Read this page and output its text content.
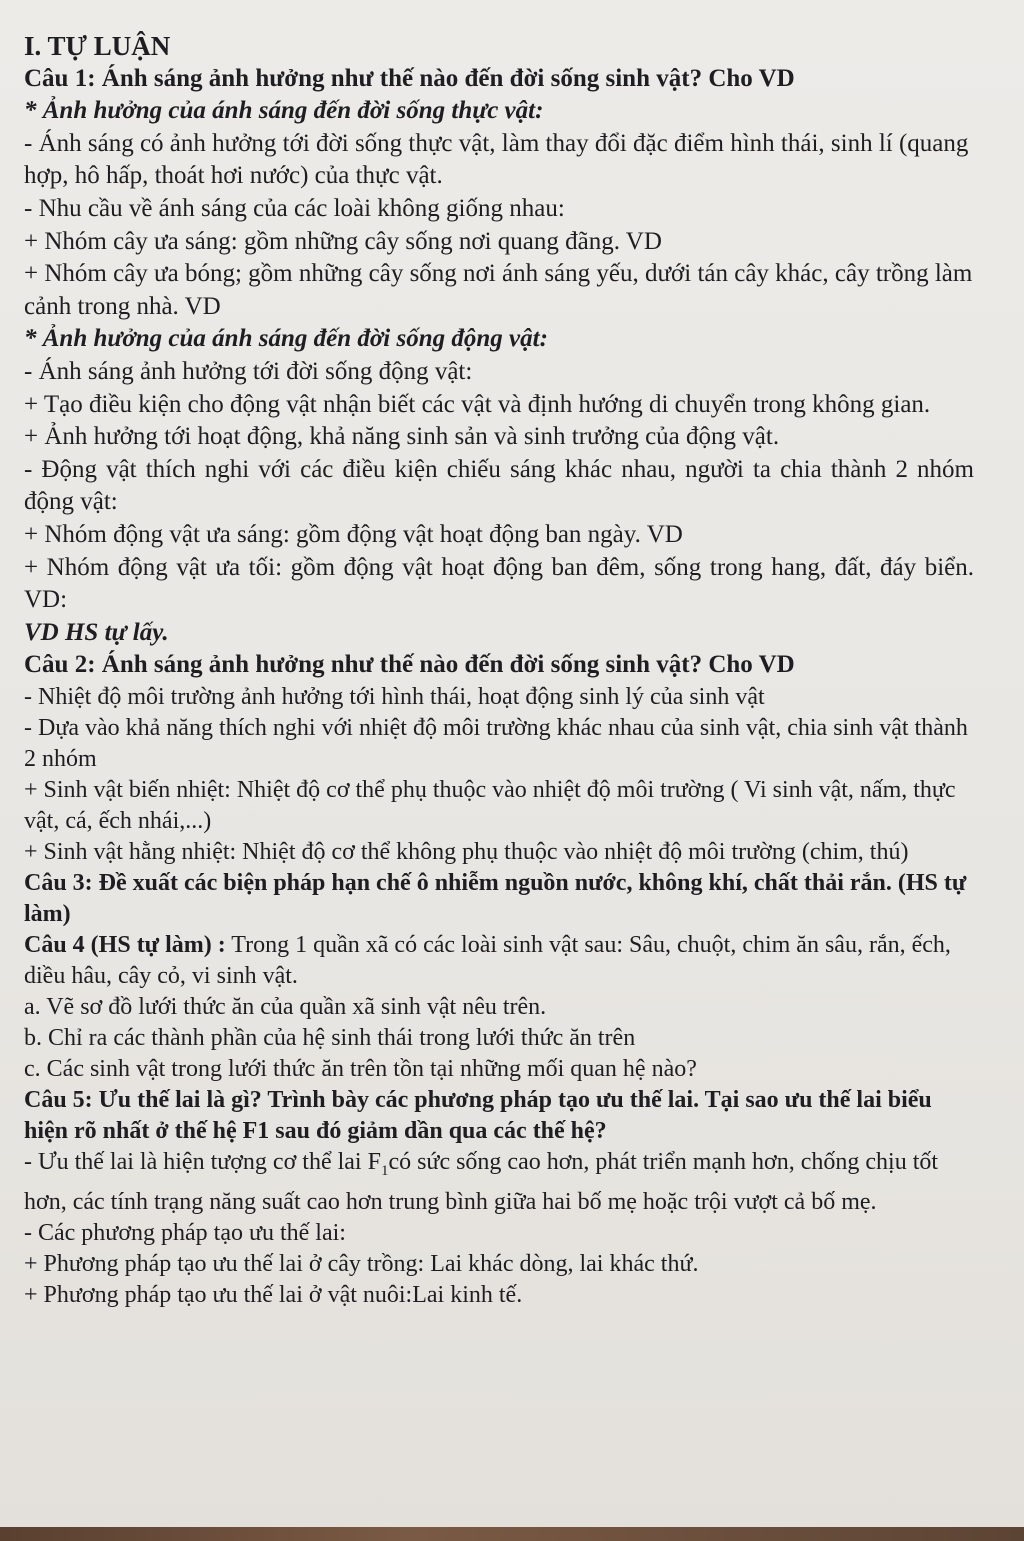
I. TỰ LUẬN

Câu 1: Ánh sáng ảnh hưởng như thế nào đến đời sống sinh vật? Cho VD

* Ảnh hưởng của ánh sáng đến đời sống thực vật:

- Ánh sáng có ảnh hưởng tới đời sống thực vật, làm thay đổi đặc điểm hình thái, sinh lí (quang hợp, hô hấp, thoát hơi nước) của thực vật.

- Nhu cầu về ánh sáng của các loài không giống nhau:

+ Nhóm cây ưa sáng: gồm những cây sống nơi quang đãng. VD

+ Nhóm cây ưa bóng; gồm những cây sống nơi ánh sáng yếu, dưới tán cây khác, cây trồng làm cảnh trong nhà. VD

* Ảnh hưởng của ánh sáng đến đời sống động vật:

- Ánh sáng ảnh hưởng tới đời sống động vật:

+ Tạo điều kiện cho động vật nhận biết các vật và định hướng di chuyển trong không gian.

+ Ảnh hưởng tới hoạt động, khả năng sinh sản và sinh trưởng của động vật.

- Động vật thích nghi với các điều kiện chiếu sáng khác nhau, người ta chia thành 2 nhóm động vật:

+ Nhóm động vật ưa sáng: gồm động vật hoạt động ban ngày. VD

+ Nhóm động vật ưa tối: gồm động vật hoạt động ban đêm, sống trong hang, đất, đáy biển. VD:

VD HS tự lấy.

Câu 2: Ánh sáng ảnh hưởng như thế nào đến đời sống sinh vật? Cho VD

- Nhiệt độ môi trường ảnh hưởng tới hình thái, hoạt động sinh lý của sinh vật

- Dựa vào khả năng thích nghi với nhiệt độ môi trường khác nhau của sinh vật, chia sinh vật thành 2 nhóm

+ Sinh vật biến nhiệt: Nhiệt độ cơ thể phụ thuộc vào nhiệt độ môi trường ( Vi sinh vật, nấm, thực vật, cá, ếch nhái,...)

+ Sinh vật hằng nhiệt: Nhiệt độ cơ thể không phụ thuộc vào nhiệt độ môi trường (chim, thú)

Câu 3: Đề xuất các biện pháp hạn chế ô nhiễm nguồn nước, không khí, chất thải rắn. (HS tự làm)

Câu 4 (HS tự làm) : Trong 1 quần xã có các loài sinh vật sau: Sâu, chuột, chim ăn sâu, rắn, ếch, diều hâu, cây cỏ, vi sinh vật.

a. Vẽ sơ đồ lưới thức ăn của quần xã sinh vật nêu trên.

b. Chỉ ra các thành phần của hệ sinh thái trong lưới thức ăn trên

c. Các sinh vật trong lưới thức ăn trên tồn tại những mối quan hệ nào?

Câu 5: Ưu thế lai là gì? Trình bày các phương pháp tạo ưu thế lai. Tại sao ưu thế lai biểu hiện rõ nhất ở thế hệ F1 sau đó giảm dần qua các thế hệ?

- Ưu thế lai là hiện tượng cơ thể lai $F_1có$ sức sống cao hơn, phát triển mạnh hơn, chống chịu tốt hơn, các tính trạng năng suất cao hơn trung bình giữa hai bố mẹ hoặc trội vượt cả bố mẹ.

- Các phương pháp tạo ưu thế lai:

+ Phương pháp tạo ưu thế lai ở cây trồng: Lai khác dòng, lai khác thứ.

+ Phương pháp tạo ưu thế lai ở vật nuôi:Lai kinh tế.
